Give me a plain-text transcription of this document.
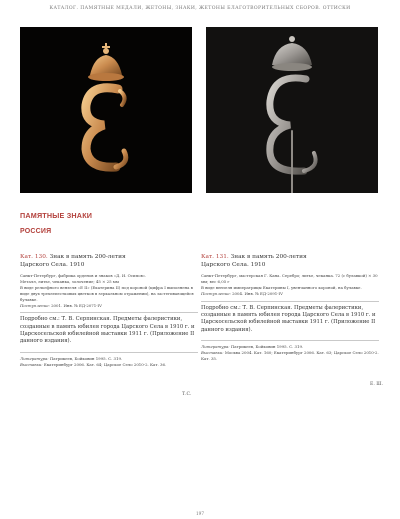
КАТАЛОГ. ПАМЯТНЫЕ МЕДАЛИ, ЖЕТОНЫ, ЗНАКИ, ЖЕТОНЫ БЛАГОТВОРИТЕЛЬНЫХ СБОРОВ. ОТТИСКИ
ПАМЯТНЫЕ ЗНАКИ
РОССИЯ
Кат. 130. Знак в память 200-летия
Царского Села. 1910
Санкт-Петербург, фабрика орденов и знаков «Д. И. Осипов».
Металл, литье, чеканка, золочение; 45 × 25 мм
В виде рельефного вензеля «Е II» (Екатерина II) под короной (цифра I выполнена в виде двух трехлепестковых цветков в зеркальном отражении), на застегивающейся булавке.
Поступление: 2001. Инв. № ЕД-2071-IV
Подробно см.: Т. В. Серпинская. Предметы фалеристики, созданные в память юбилея города Царского Села в 1910 г. и Царскосельской юбилейной выставки 1911 г. (Приложение II данного издания).

Литература: Патрикеев, Бойковин 1995. С. 319.

Выставки: Екатеринбург 2006. Кат. 64; Царское Село 2010-2. Кат. 36.

Т.С.
Кат. 131. Знак в память 200-летия
Царского Села. 1910
Санкт-Петербург, мастерская Г. Кана. Серебро; литье, чеканка. 72 (с булавкой) × 30 мм; вес 6,05 г
В виде вензеля императрицы Екатерины I, увенчанного короной, на булавке.
Поступление: 2004. Инв. № ЕД-2091-IV
Подробно см.: Т. В. Серпинская. Предметы фалеристики, созданные в память юбилея города Царского Села в 1910 г. и Царскосельской юбилейной выставки 1911 г. (Приложение II данного издания).

Литература: Патрикеев, Бойковин 1995. С. 319.

Выставки: Москва 2004. Кат. 160; Екатеринбург 2006. Кат. 63; Царское Село 2010-2. Кат. 35.

Е. Ш.
197
